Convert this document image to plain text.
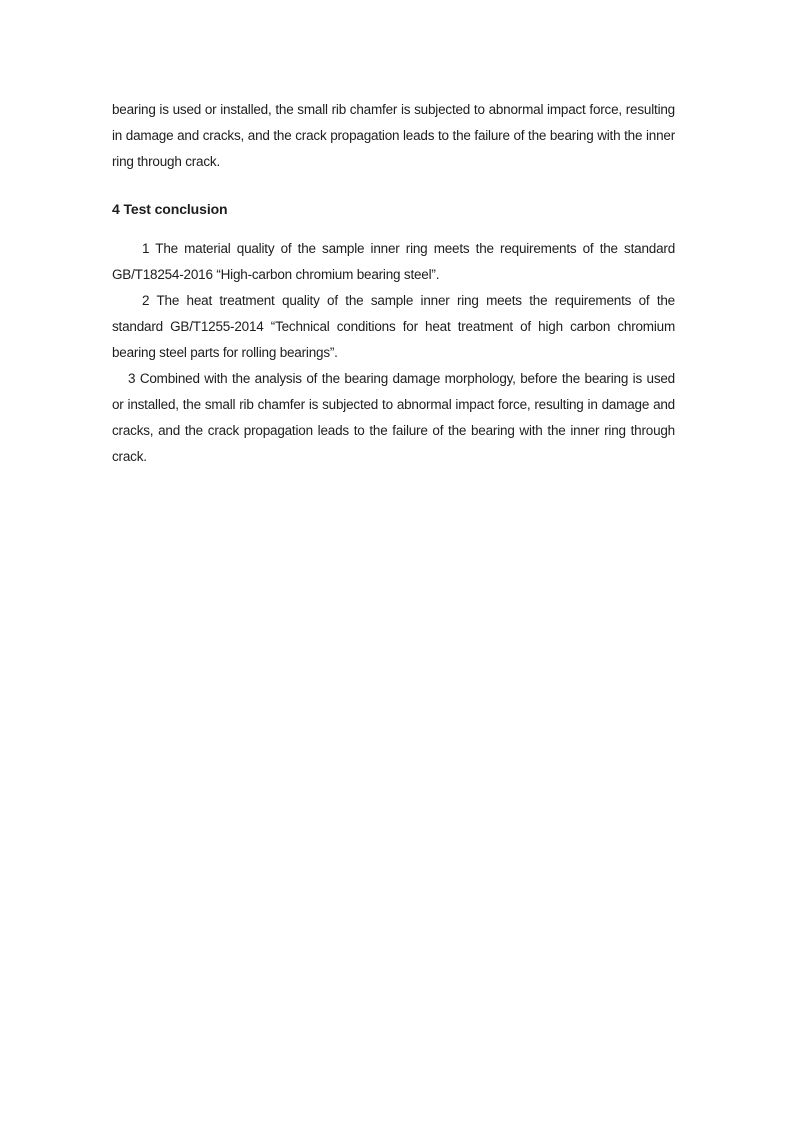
bearing is used or installed, the small rib chamfer is subjected to abnormal impact force, resulting in damage and cracks, and the crack propagation leads to the failure of the bearing with the inner ring through crack.

4 Test conclusion

1 The material quality of the sample inner ring meets the requirements of the standard GB/T18254-2016 “High-carbon chromium bearing steel”.

2 The heat treatment quality of the sample inner ring meets the requirements of the standard GB/T1255-2014 “Technical conditions for heat treatment of high carbon chromium bearing steel parts for rolling bearings”.

3 Combined with the analysis of the bearing damage morphology, before the bearing is used or installed, the small rib chamfer is subjected to abnormal impact force, resulting in damage and cracks, and the crack propagation leads to the failure of the bearing with the inner ring through crack.
